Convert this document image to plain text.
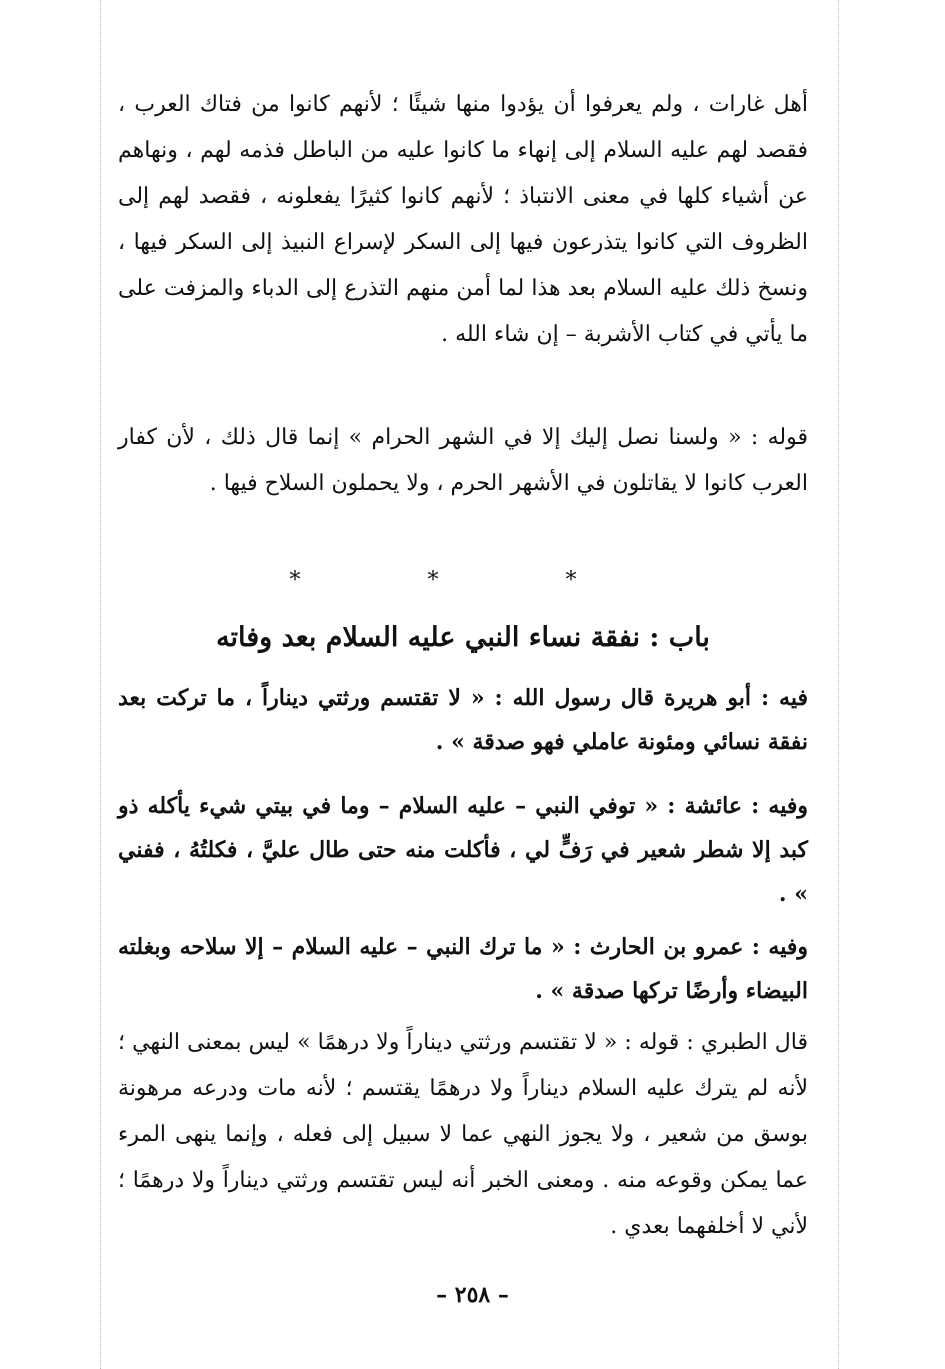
أهل غارات ، ولم يعرفوا أن يؤدوا منها شيئًا ؛ لأنهم كانوا من فتاك العرب ، فقصد لهم عليه السلام إلى إنهاء ما كانوا عليه من الباطل فذمه لهم ، ونهاهم عن أشياء كلها في معنى الانتباذ ؛ لأنهم كانوا كثيرًا يفعلونه ، فقصد لهم إلى الظروف التي كانوا يتذرعون فيها إلى السكر لإسراع النبيذ إلى السكر فيها ، ونسخ ذلك عليه السلام بعد هذا لما أمن منهم التذرع إلى الدباء والمزفت على ما يأتي في كتاب الأشربة – إن شاء الله .

قوله : « ولسنا نصل إليك إلا في الشهر الحرام » إنما قال ذلك ، لأن كفار العرب كانوا لا يقاتلون في الأشهر الحرم ، ولا يحملون السلاح فيها .

* * *
باب : نفقة نساء النبي عليه السلام بعد وفاته

فيه : أبو هريرة قال رسول الله : « لا تقتسم ورثتي ديناراً ، ما تركت بعد نفقة نسائي ومئونة عاملي فهو صدقة » .

وفيه : عائشة : « توفي النبي – عليه السلام – وما في بيتي شيء يأكله ذو كبد إلا شطر شعير في رَفٍّ لي ، فأكلت منه حتى طال عليَّ ، فكلتُهُ ، ففني » .

وفيه : عمرو بن الحارث : « ما ترك النبي – عليه السلام – إلا سلاحه وبغلته البيضاء وأرضًا تركها صدقة » .

قال الطبري : قوله : « لا تقتسم ورثتي ديناراً ولا درهمًا » ليس بمعنى النهي ؛ لأنه لم يترك عليه السلام ديناراً ولا درهمًا يقتسم ؛ لأنه مات ودرعه مرهونة بوسق من شعير ، ولا يجوز النهي عما لا سبيل إلى فعله ، وإنما ينهى المرء عما يمكن وقوعه منه . ومعنى الخبر أنه ليس تقتسم ورثتي ديناراً ولا درهمًا ؛ لأني لا أخلفهما بعدي .

– ٢٥٨ –
